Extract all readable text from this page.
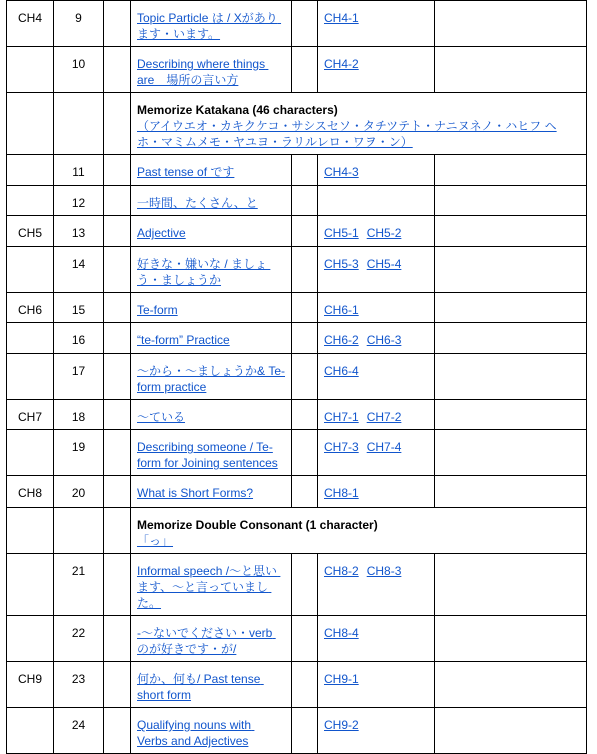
CH4	9		Topic Particle は / Xがあり ます・います。		CH4-1	
	10		Describing where things are　場所の言い方		CH4-2	

			Memorize Katakana (46 characters)
（アイウエオ・カキクケコ・サシスセソ・タチツテト・ナニヌネノ・ハヒフ ヘホ・マミムメモ・ヤユヨ・ラリルレロ・ワヲ・ン）			
	11		Past tense of です		CH4-3	
	12		一時間、たくさん、と			
CH5	13		Adjective		CH5-1 CH5-2	
	14		好きな・嫌いな / ましょ う・ましょうか		CH5-3 CH5-4	
CH6	15		Te-form		CH6-1	
	16		“te-form” Practice		CH6-2 CH6-3	
	17		～から・～ましょうか& Te-form practice		CH6-4	
CH7	18		～ている		CH7-1 CH7-2	
	19		Describing someone / Te-form for Joining sentences		CH7-3 CH7-4	
CH8	20		What is Short Forms?		CH8-1	

			Memorize Double Consonant (1 character)
「っ」			
	21		Informal speech /～と思い ます、～と言っていまし た。		CH8-2 CH8-3	
	22		-～ないでください・verb のが好きです・が/		CH8-4	
CH9	23		何か、何も/ Past tense short form		CH9-1	
	24		Qualifying nouns with Verbs and Adjectives		CH9-2	
